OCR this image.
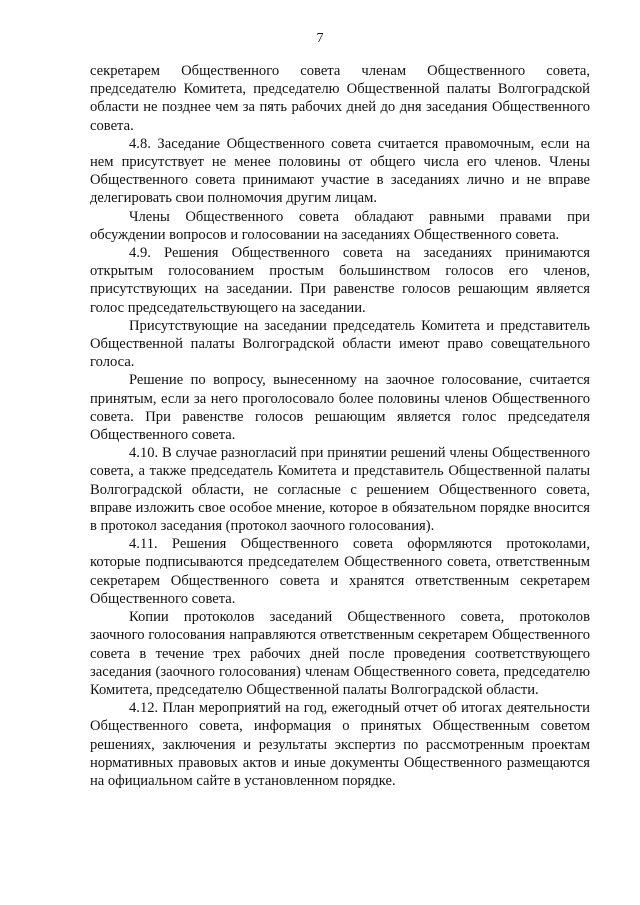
7

секретарем Общественного совета членам Общественного совета, председателю Комитета, председателю Общественной палаты Волгоградской области не позднее чем за пять рабочих дней до дня заседания Общественного совета.

4.8. Заседание Общественного совета считается правомочным, если на нем присутствует не менее половины от общего числа его членов. Члены Общественного совета принимают участие в заседаниях лично и не вправе делегировать свои полномочия другим лицам.

Члены Общественного совета обладают равными правами при обсуждении вопросов и голосовании на заседаниях Общественного совета.

4.9. Решения Общественного совета на заседаниях принимаются открытым голосованием простым большинством голосов его членов, присутствующих на заседании. При равенстве голосов решающим является голос председательствующего на заседании.

Присутствующие на заседании председатель Комитета и представитель Общественной палаты Волгоградской области имеют право совещательного голоса.

Решение по вопросу, вынесенному на заочное голосование, считается принятым, если за него проголосовало более половины членов Общественного совета. При равенстве голосов решающим является голос председателя Общественного совета.

4.10. В случае разногласий при принятии решений члены Общественного совета, а также председатель Комитета и представитель Общественной палаты Волгоградской области, не согласные с решением Общественного совета, вправе изложить свое особое мнение, которое в обязательном порядке вносится в протокол заседания (протокол заочного голосования).

4.11. Решения Общественного совета оформляются протоколами, которые подписываются председателем Общественного совета, ответственным секретарем Общественного совета и хранятся ответственным секретарем Общественного совета.

Копии протоколов заседаний Общественного совета, протоколов заочного голосования направляются ответственным секретарем Общественного совета в течение трех рабочих дней после проведения соответствующего заседания (заочного голосования) членам Общественного совета, председателю Комитета, председателю Общественной палаты Волгоградской области.

4.12. План мероприятий на год, ежегодный отчет об итогах деятельности Общественного совета, информация о принятых Общественным советом решениях, заключения и результаты экспертиз по рассмотренным проектам нормативных правовых актов и иные документы Общественного размещаются на официальном сайте в установленном порядке.
